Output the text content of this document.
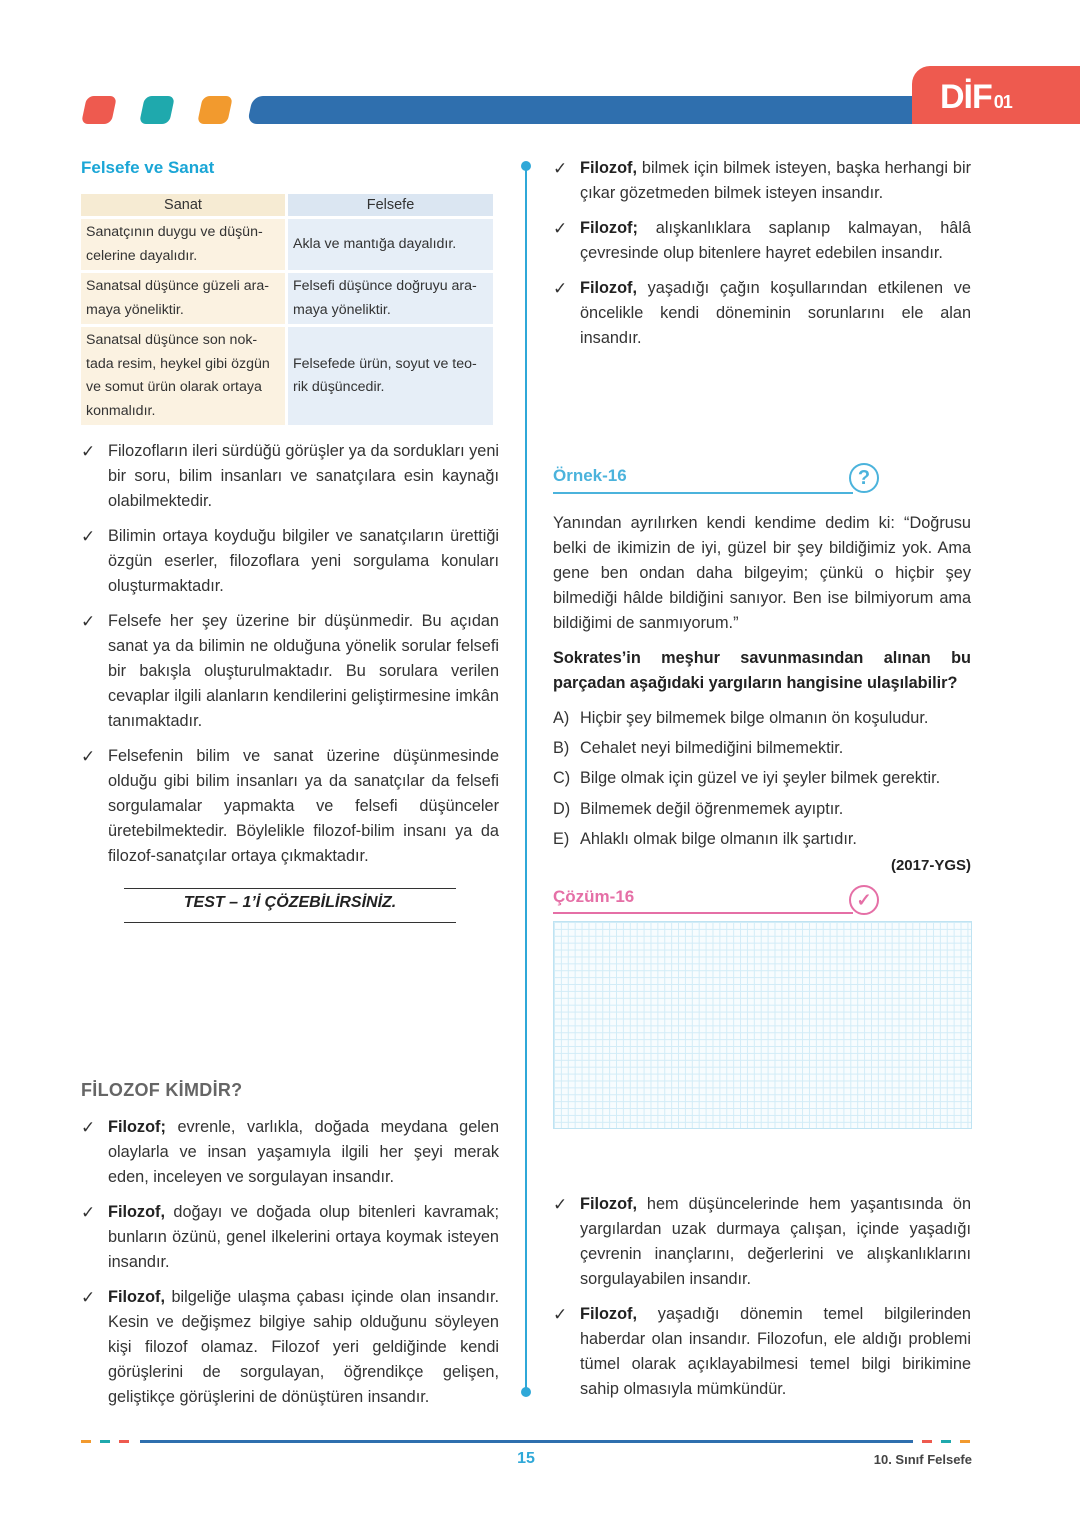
DİF 01
Felsefe ve Sanat
Sanat	Felsefe
Sanatçının duygu ve düşün-celerine dayalıdır.	Akla ve mantığa dayalıdır.
Sanatsal düşünce güzeli ara-maya yöneliktir.	Felsefi düşünce doğruyu ara-maya yöneliktir.
Sanatsal düşünce son nok-tada resim, heykel gibi özgün ve somut ürün olarak ortaya konmalıdır.	Felsefede ürün, soyut ve teo-rik düşüncedir.
✓ Filozofların ileri sürdüğü görüşler ya da sordukları yeni bir soru, bilim insanları ve sanatçılara esin kaynağı olabilmektedir.
✓ Bilimin ortaya koyduğu bilgiler ve sanatçıların ürettiği özgün eserler, filozoflara yeni sorgulama konuları oluşturmaktadır.
✓ Felsefe her şey üzerine bir düşünmedir. Bu açıdan sanat ya da bilimin ne olduğuna yönelik sorular felsefi bir bakışla oluşturulmaktadır. Bu sorulara verilen cevaplar ilgili alanların kendilerini geliştirmesine imkân tanımaktadır.
✓ Felsefenin bilim ve sanat üzerine düşünmesinde olduğu gibi bilim insanları ya da sanatçılar da felsefi sorgulamalar yapmakta ve felsefi düşünceler üretebilmektedir. Böylelikle filozof-bilim insanı ya da filozof-sanatçılar ortaya çıkmaktadır.
TEST – 1’İ ÇÖZEBİLİRSİNİZ.
FİLOZOF KİMDİR?
✓ Filozof; evrenle, varlıkla, doğada meydana gelen olaylarla ve insan yaşamıyla ilgili her şeyi merak eden, inceleyen ve sorgulayan insandır.
✓ Filozof, doğayı ve doğada olup bitenleri kavramak; bunların özünü, genel ilkelerini ortaya koymak isteyen insandır.
✓ Filozof, bilgeliğe ulaşma çabası içinde olan insandır. Kesin ve değişmez bilgiye sahip olduğunu söyleyen kişi filozof olamaz. Filozof yeri geldiğinde kendi görüşlerini de sorgulayan, öğrendikçe gelişen, geliştikçe görüşlerini de dönüştüren insandır.
✓ Filozof, bilmek için bilmek isteyen, başka herhangi bir çıkar gözetmeden bilmek isteyen insandır.
✓ Filozof; alışkanlıklara saplanıp kalmayan, hâlâ çevresinde olup bitenlere hayret edebilen insandır.
✓ Filozof, yaşadığı çağın koşullarından etkilenen ve öncelikle kendi döneminin sorunlarını ele alan insandır.
Örnek-16	?
Yanından ayrılırken kendi kendime dedim ki: “Doğrusu belki de ikimizin de iyi, güzel bir şey bildiğimiz yok. Ama gene ben ondan daha bilgeyim; çünkü o hiçbir şey bilmediği hâlde bildiğini sanıyor. Ben ise bilmiyorum ama bildiğimi de sanmıyorum.”
Sokrates’in meşhur savunmasından alınan bu parçadan aşağıdaki yargıların hangisine ulaşılabilir?
A) Hiçbir şey bilmemek bilge olmanın ön koşuludur.
B) Cehalet neyi bilmediğini bilmemektir.
C) Bilge olmak için güzel ve iyi şeyler bilmek gerektir.
D) Bilmemek değil öğrenmemek ayıptır.
E) Ahlaklı olmak bilge olmanın ilk şartıdır.
(2017-YGS)
Çözüm-16	✓
✓ Filozof, hem düşüncelerinde hem yaşantısında ön yargılardan uzak durmaya çalışan, içinde yaşadığı çevrenin inançlarını, değerlerini ve alışkanlıklarını sorgulayabilen insandır.
✓ Filozof, yaşadığı dönemin temel bilgilerinden haberdar olan insandır. Filozofun, ele aldığı problemi tümel olarak açıklayabilmesi temel bilgi birikimine sahip olmasıyla mümkündür.
15	10. Sınıf Felsefe
